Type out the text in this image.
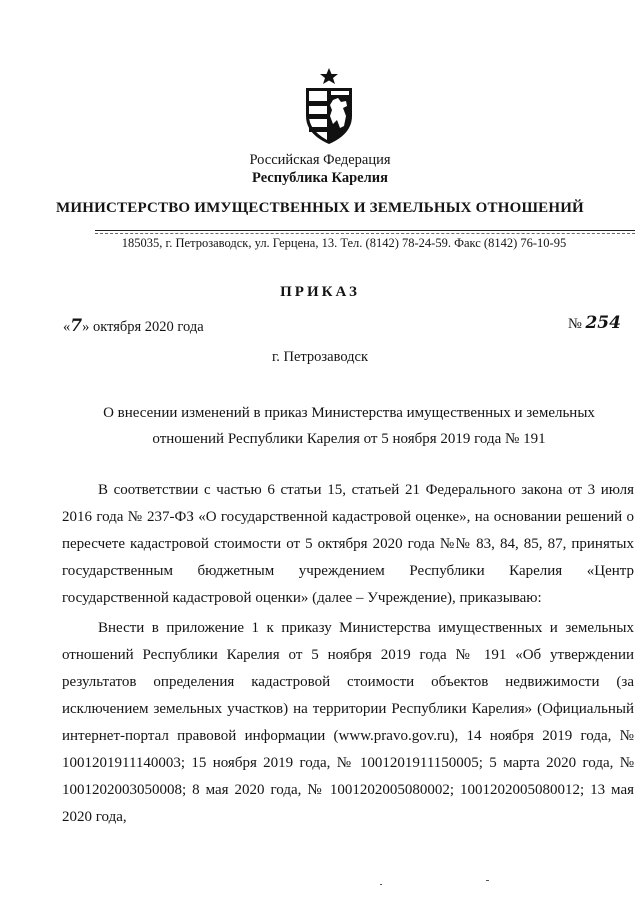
Российская Федерация
Республика Карелия
МИНИСТЕРСТВО ИМУЩЕСТВЕННЫХ И ЗЕМЕЛЬНЫХ ОТНОШЕНИЙ
185035, г. Петрозаводск, ул. Герцена, 13. Тел. (8142) 78-24-59. Факс (8142) 76-10-95
ПРИКАЗ
«7» октября 2020 года	№ 254
г. Петрозаводск
О внесении изменений в приказ Министерства имущественных и земельных
отношений Республики Карелия от 5 ноября 2019 года № 191

В соответствии с частью 6 статьи 15, статьей 21 Федерального закона от 3 июля 2016 года № 237-ФЗ «О государственной кадастровой оценке», на основании решений о пересчете кадастровой стоимости от 5 октября 2020 года №№ 83, 84, 85, 87, принятых государственным бюджетным учреждением Республики Карелия «Центр государственной кадастровой оценки» (далее – Учреждение), приказываю:

Внести в приложение 1 к приказу Министерства имущественных и земельных отношений Республики Карелия от 5 ноября 2019 года № 191 «Об утверждении результатов определения кадастровой стоимости объектов недвижимости (за исключением земельных участков) на территории Республики Карелия» (Официальный интернет-портал правовой информации (www.pravo.gov.ru), 14 ноября 2019 года, № 1001201911140003; 15 ноября 2019 года, № 1001201911150005; 5 марта 2020 года, № 1001202003050008; 8 мая 2020 года, № 1001202005080002; 1001202005080012; 13 мая 2020 года,
